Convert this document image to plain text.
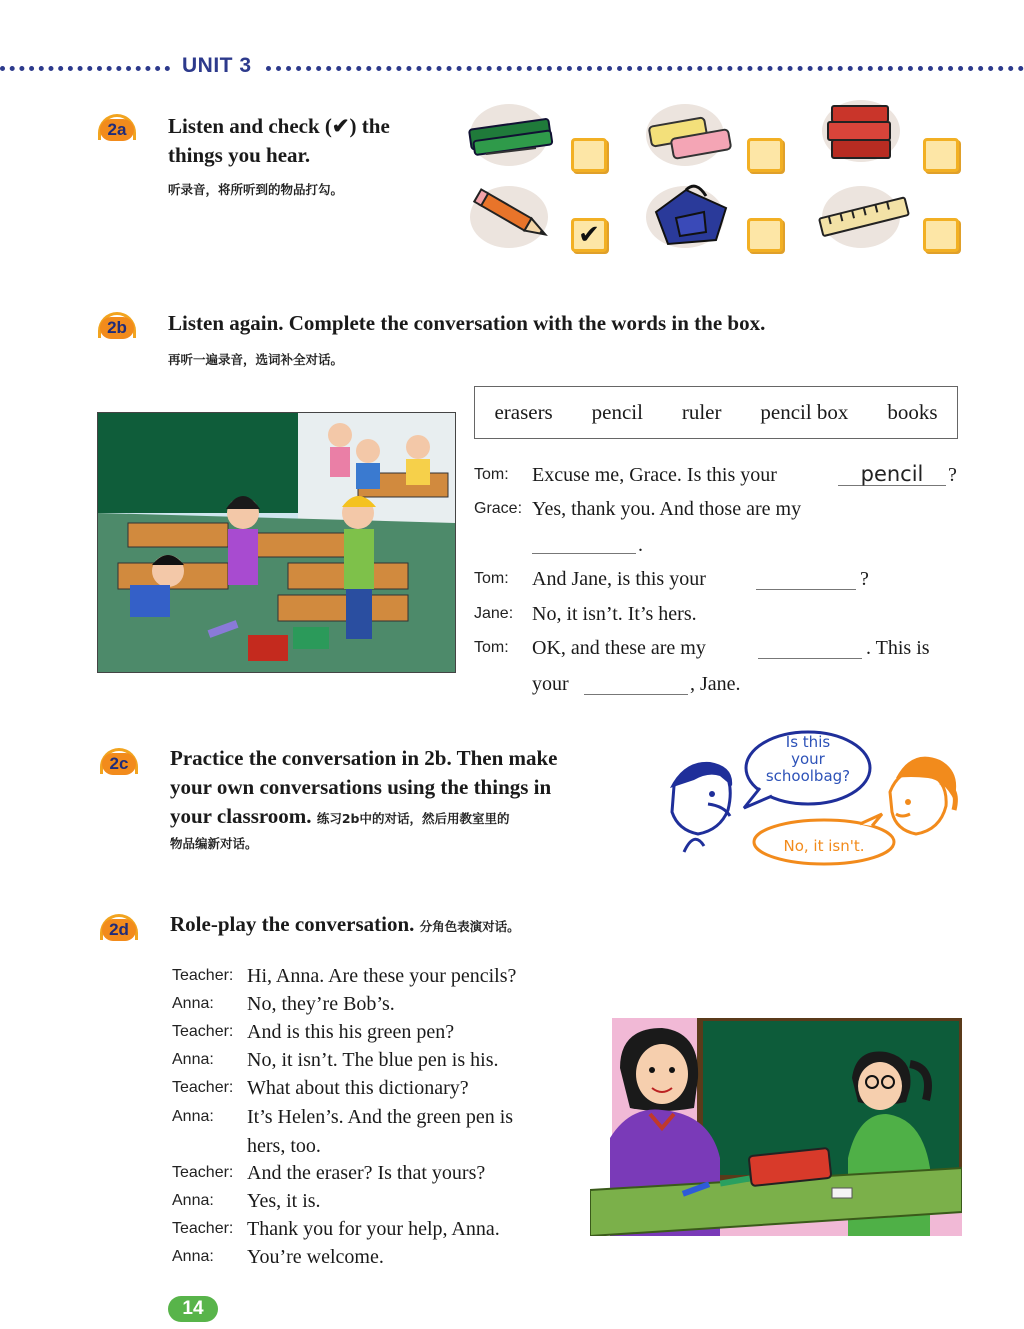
UNIT 3
2a	Listen and check (✔) the
things you hear.
听录音，将所听到的物品打勾。
✔
2b	Listen again. Complete the conversation with the words in the box.
再听一遍录音，选词补全对话。
erasers pencil ruler pencil box books
Tom: Excuse me, Grace. Is this your	pencil	?
Grace: Yes, thank you. And those are my
.
Tom: And Jane, is this your	?
Jane: No, it isn’t. It’s hers.
Tom: OK, and these are my	. This is
your	, Jane.
2c	Practice the conversation in 2b. Then make
your own conversations using the things in
your classroom. 练习2b中的对话，然后用教室里的
物品编新对话。
Is this
your
schoolbag?
No, it isn't.
2d	Role-play the conversation. 分角色表演对话。
Teacher: Hi, Anna. Are these your pencils?
Anna: No, they’re Bob’s.
Teacher: And is this his green pen?
Anna: No, it isn’t. The blue pen is his.
Teacher: What about this dictionary?
Anna: It’s Helen’s. And the green pen is
hers, too.
Teacher: And the eraser? Is that yours?
Anna: Yes, it is.
Teacher: Thank you for your help, Anna.
Anna: You’re welcome.
14
